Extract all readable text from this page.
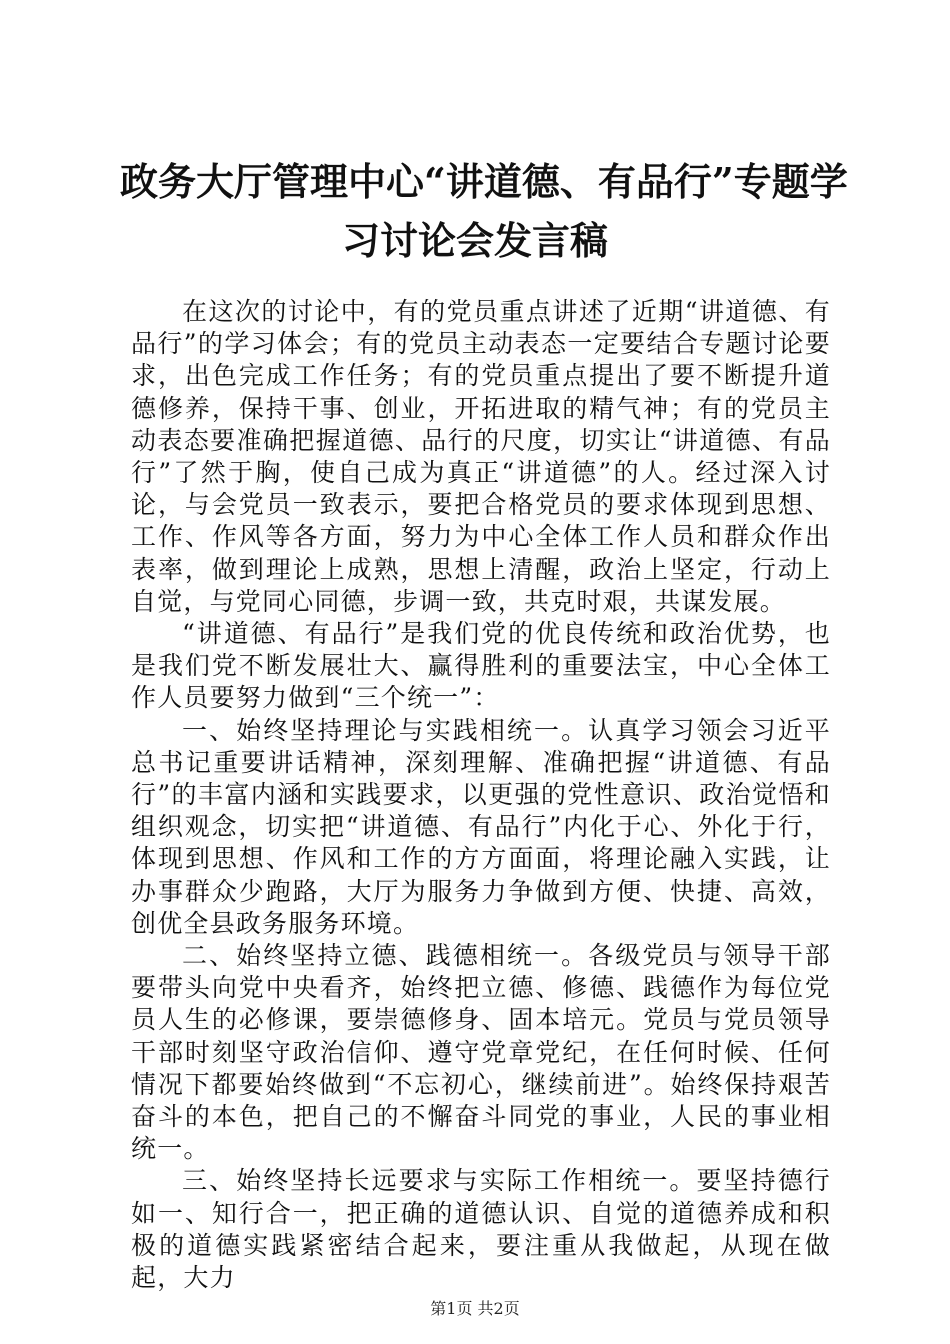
政务大厅管理中心“讲道德、有品行”专题学
习讨论会发言稿

在这次的讨论中，有的党员重点讲述了近期“讲道德、有品行”的学习体会；有的党员主动表态一定要结合专题讨论要求，出色完成工作任务；有的党员重点提出了要不断提升道德修养，保持干事、创业，开拓进取的精气神；有的党员主动表态要准确把握道德、品行的尺度，切实让“讲道德、有品行”了然于胸，使自己成为真正“讲道德”的人。经过深入讨论，与会党员一致表示，要把合格党员的要求体现到思想、工作、作风等各方面，努力为中心全体工作人员和群众作出表率，做到理论上成熟，思想上清醒，政治上坚定，行动上自觉，与党同心同德，步调一致，共克时艰，共谋发展。

“讲道德、有品行”是我们党的优良传统和政治优势，也是我们党不断发展壮大、赢得胜利的重要法宝，中心全体工作人员要努力做到“三个统一”：

一、始终坚持理论与实践相统一。认真学习领会习近平总书记重要讲话精神，深刻理解、准确把握“讲道德、有品行”的丰富内涵和实践要求，以更强的党性意识、政治觉悟和组织观念，切实把“讲道德、有品行”内化于心、外化于行，体现到思想、作风和工作的方方面面，将理论融入实践，让办事群众少跑路，大厅为服务力争做到方便、快捷、高效，创优全县政务服务环境。

二、始终坚持立德、践德相统一。各级党员与领导干部要带头向党中央看齐，始终把立德、修德、践德作为每位党员人生的必修课，要崇德修身、固本培元。党员与党员领导干部时刻坚守政治信仰、遵守党章党纪，在任何时候、任何情况下都要始终做到“不忘初心，继续前进”。始终保持艰苦奋斗的本色，把自己的不懈奋斗同党的事业，人民的事业相统一。

三、始终坚持长远要求与实际工作相统一。要坚持德行如一、知行合一，把正确的道德认识、自觉的道德养成和积极的道德实践紧密结合起来，要注重从我做起，从现在做起，大力

第1页 共2页
